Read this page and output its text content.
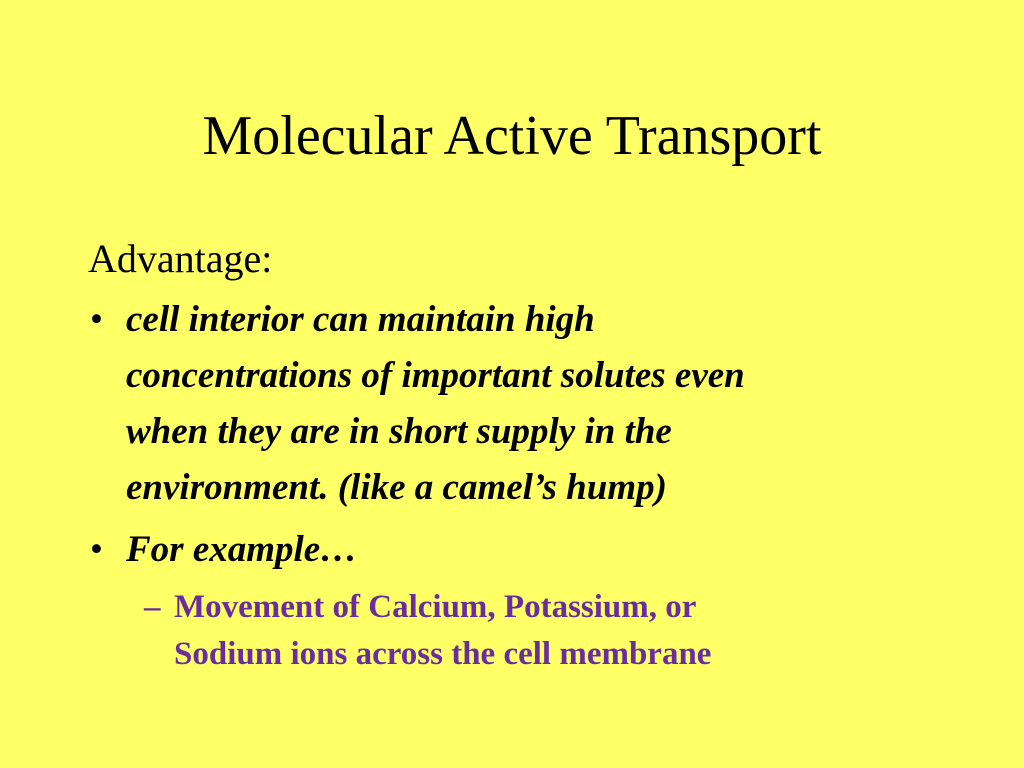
Molecular Active Transport
Advantage:
• cell interior can maintain high
concentrations of important solutes even
when they are in short supply in the
environment. (like a camel’s hump)
• For example…
– Movement of Calcium, Potassium, or
Sodium ions across the cell membrane
